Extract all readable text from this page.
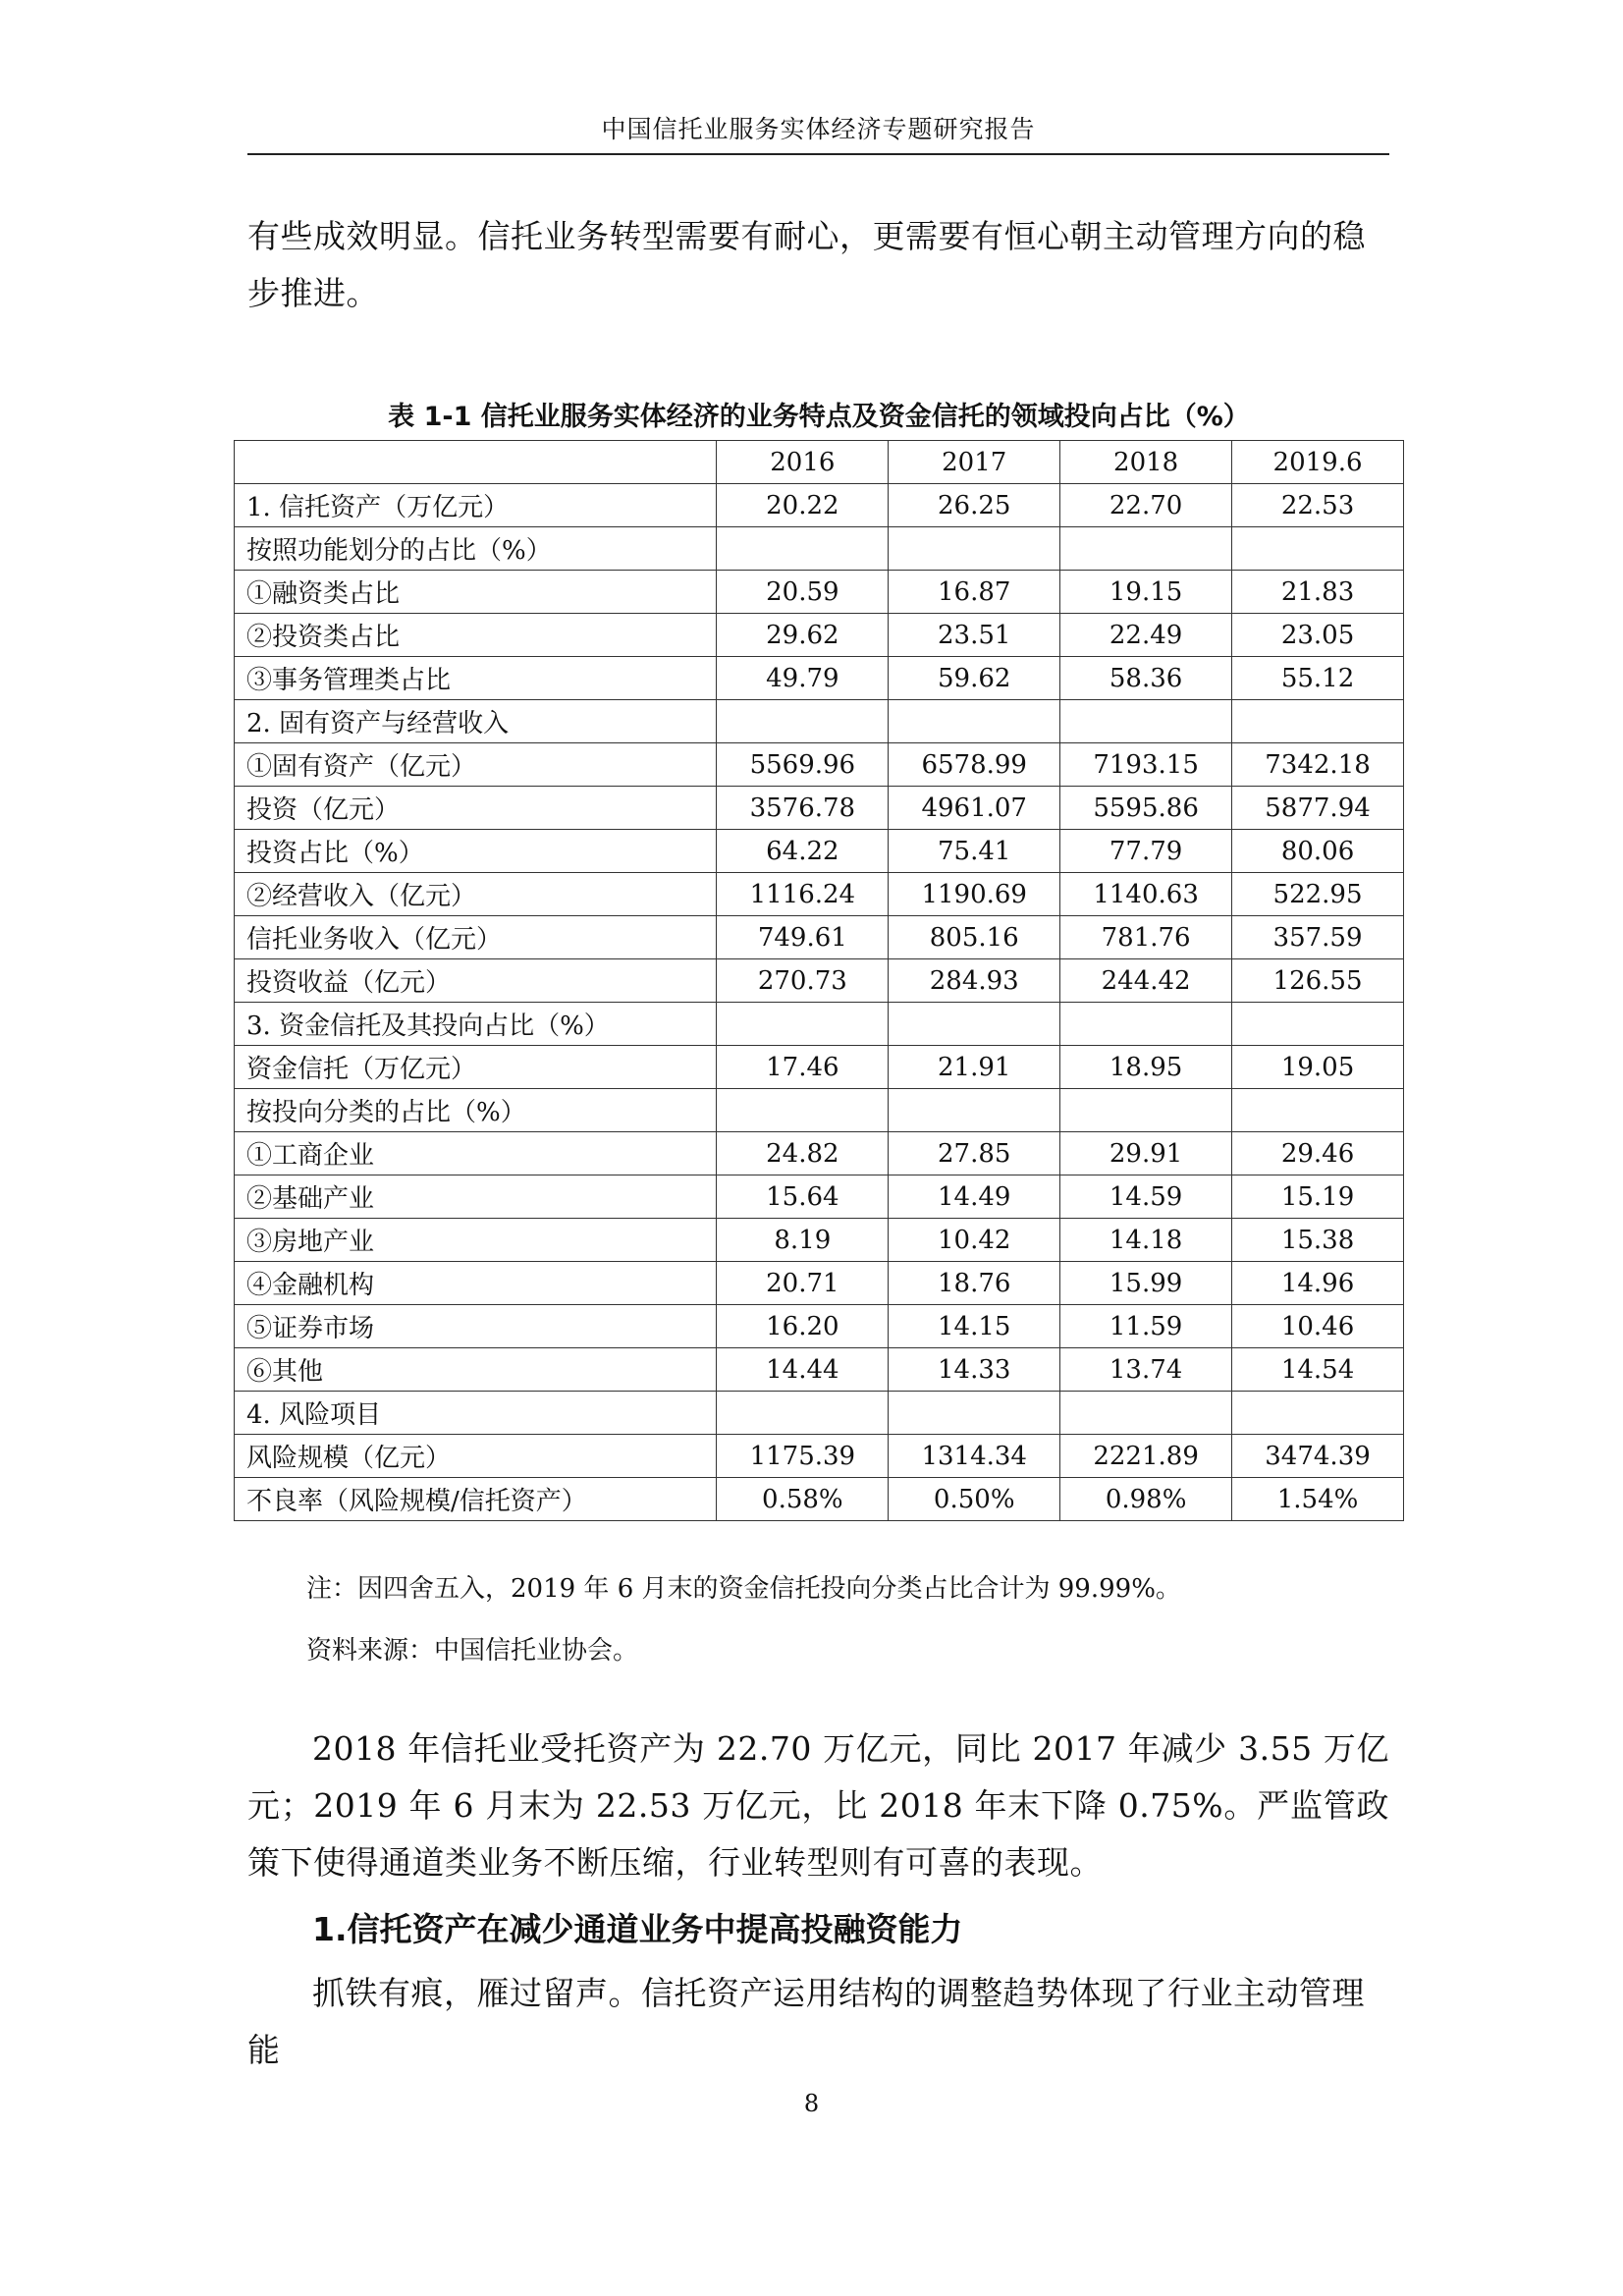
中国信托业服务实体经济专题研究报告

有些成效明显。信托业务转型需要有耐心，更需要有恒心朝主动管理方向的稳步推进。

表 1-1 信托业服务实体经济的业务特点及资金信托的领域投向占比（%）
	2016	2017	2018	2019.6
1. 信托资产（万亿元）	20.22	26.25	22.70	22.53
按照功能划分的占比（%）				
①融资类占比	20.59	16.87	19.15	21.83
②投资类占比	29.62	23.51	22.49	23.05
③事务管理类占比	49.79	59.62	58.36	55.12
2. 固有资产与经营收入				
①固有资产（亿元）	5569.96	6578.99	7193.15	7342.18
投资（亿元）	3576.78	4961.07	5595.86	5877.94
投资占比（%）	64.22	75.41	77.79	80.06
②经营收入（亿元）	1116.24	1190.69	1140.63	522.95
信托业务收入（亿元）	749.61	805.16	781.76	357.59
投资收益（亿元）	270.73	284.93	244.42	126.55
3. 资金信托及其投向占比（%）				
资金信托（万亿元）	17.46	21.91	18.95	19.05
按投向分类的占比（%）				
①工商企业	24.82	27.85	29.91	29.46
②基础产业	15.64	14.49	14.59	15.19
③房地产业	8.19	10.42	14.18	15.38
④金融机构	20.71	18.76	15.99	14.96
⑤证券市场	16.20	14.15	11.59	10.46
⑥其他	14.44	14.33	13.74	14.54
4. 风险项目				
风险规模（亿元）	1175.39	1314.34	2221.89	3474.39
不良率（风险规模/信托资产）	0.58%	0.50%	0.98%	1.54%
注：因四舍五入，2019 年 6 月末的资金信托投向分类占比合计为 99.99%。
资料来源：中国信托业协会。

2018 年信托业受托资产为 22.70 万亿元，同比 2017 年减少 3.55 万亿元；2019 年 6 月末为 22.53 万亿元，比 2018 年末下降 0.75%。严监管政策下使得通道类业务不断压缩，行业转型则有可喜的表现。

1.信托资产在减少通道业务中提高投融资能力

抓铁有痕，雁过留声。信托资产运用结构的调整趋势体现了行业主动管理能

8
